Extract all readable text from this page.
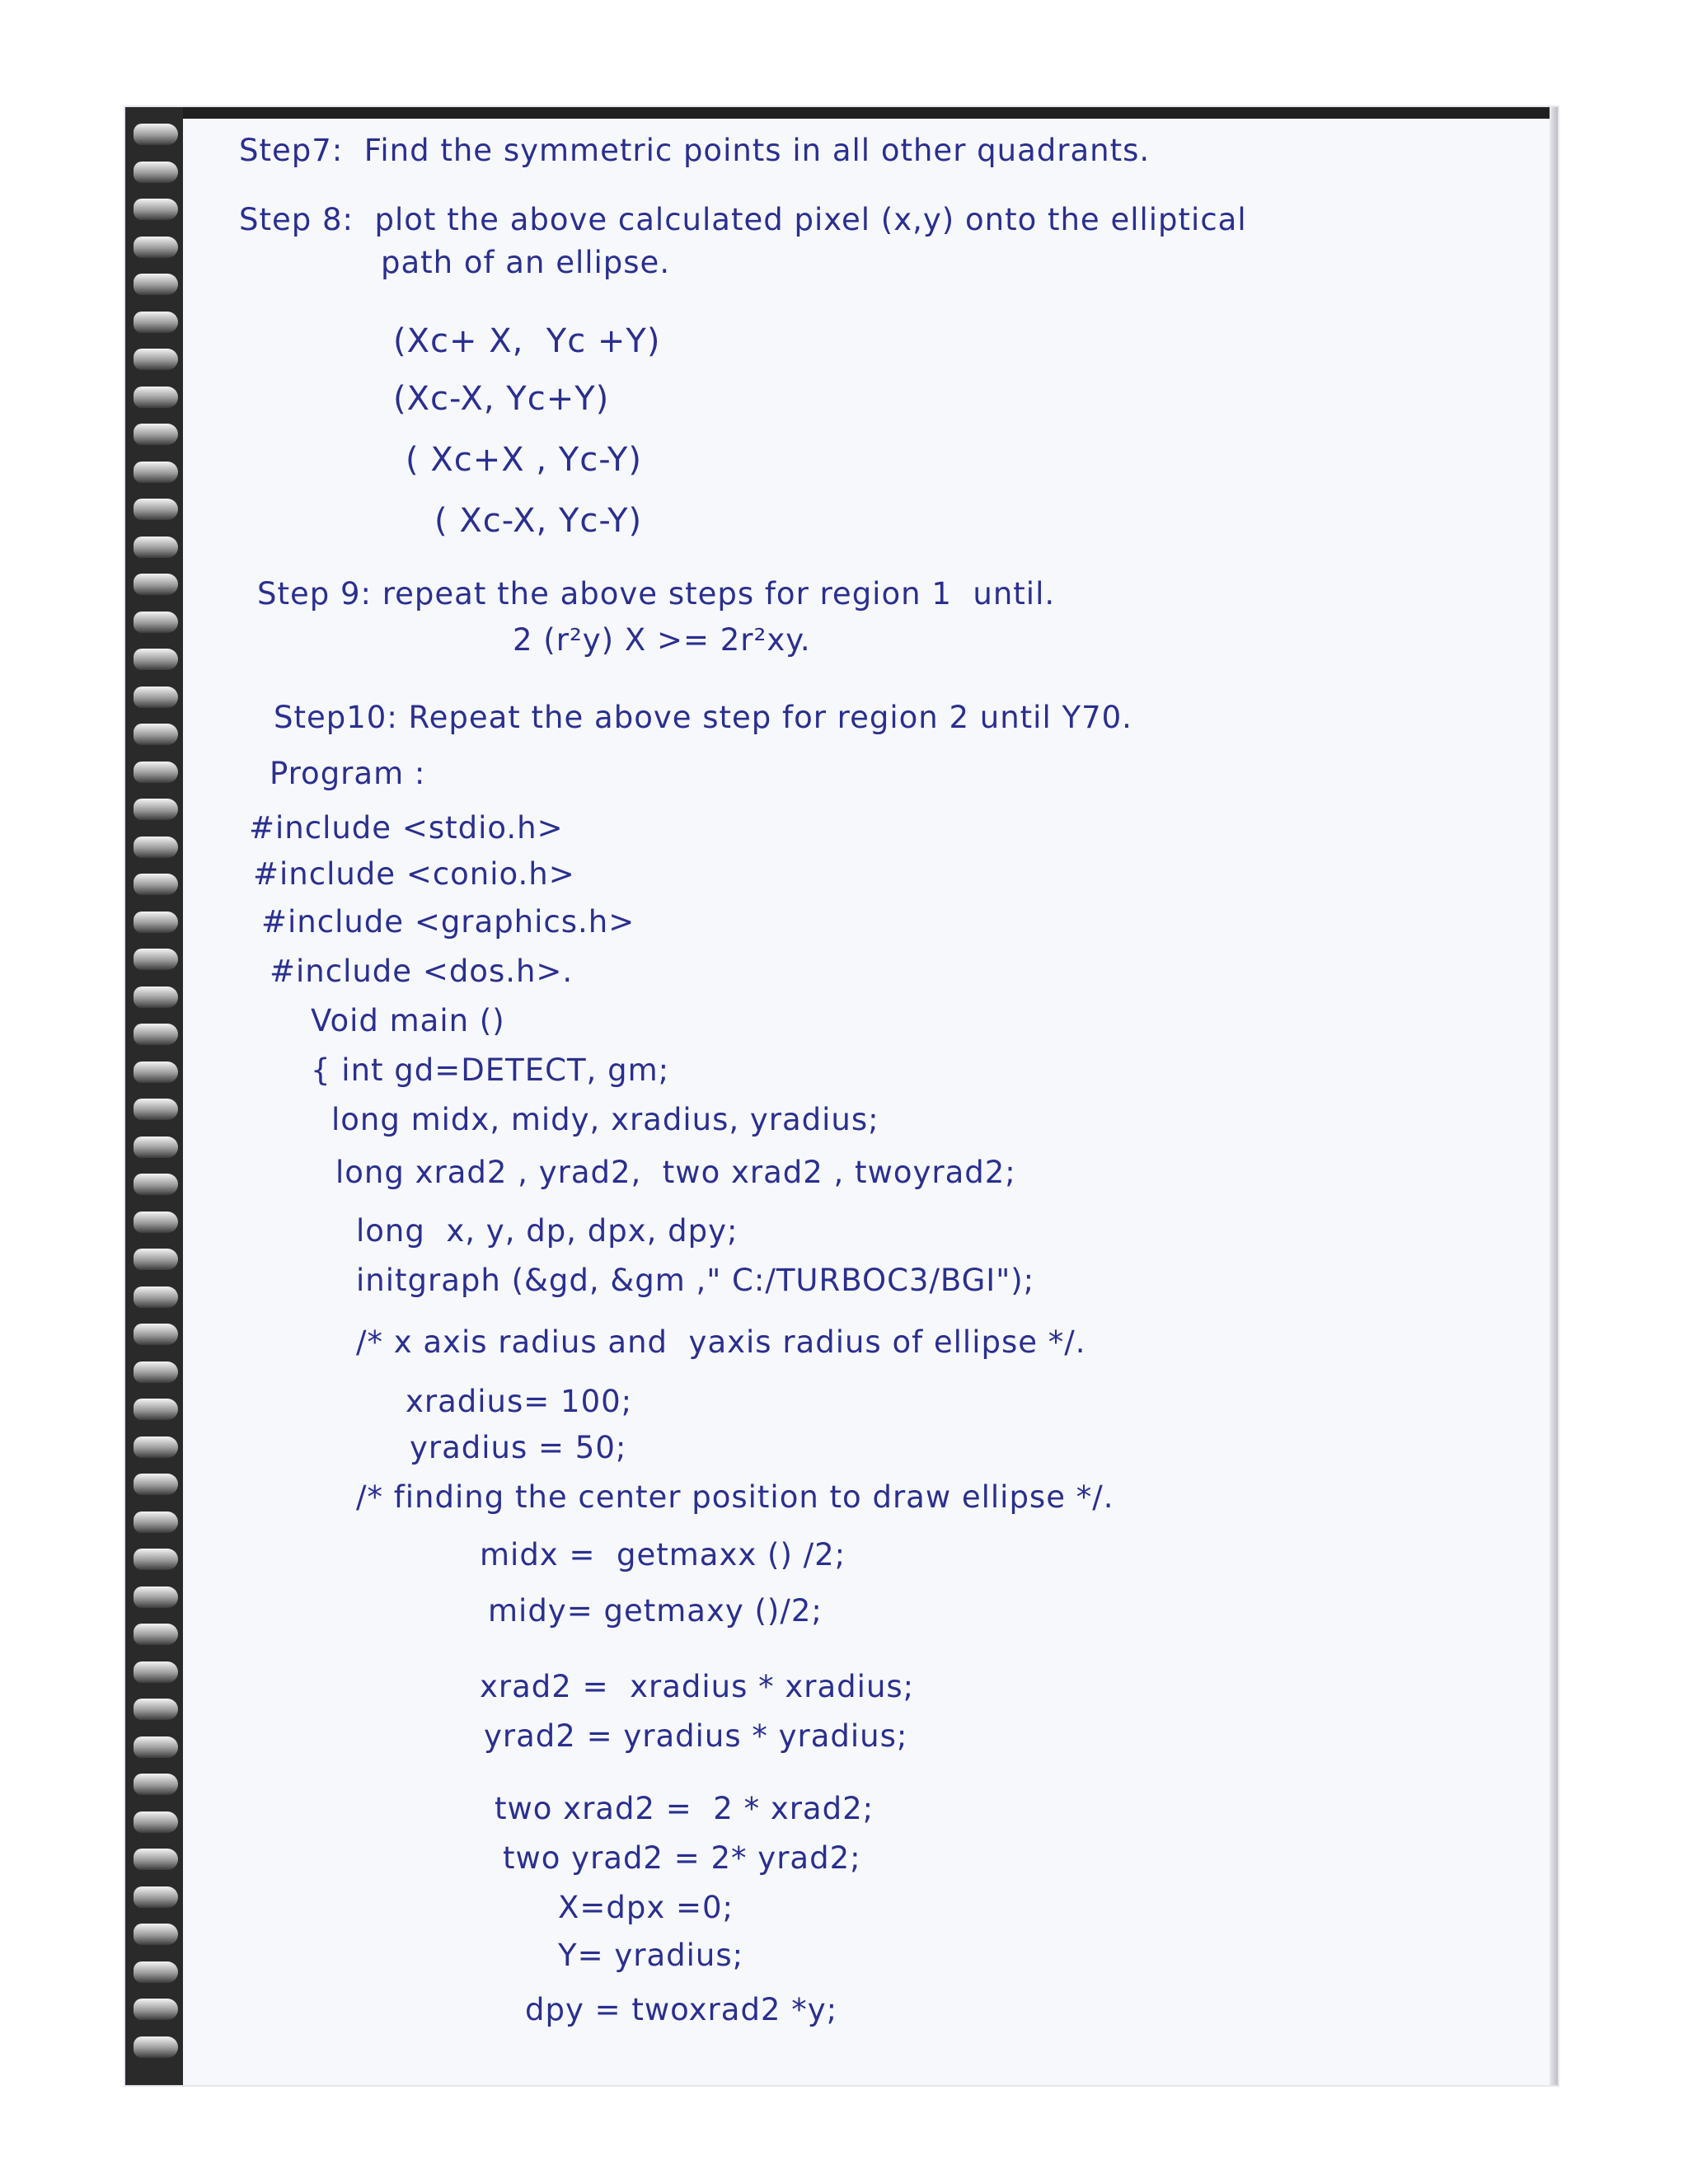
Step7:  Find the symmetric points in all other quadrants.
Step 8:  plot the above calculated pixel (x,y) onto the elliptical
path of an ellipse.
(Xc+ X,  Yc +Y)
(Xc-X, Yc+Y)
( Xc+X , Yc-Y)
( Xc-X, Yc-Y)
Step 9: repeat the above steps for region 1  until.
2 (r²y) X >= 2r²xy.
Step10: Repeat the above step for region 2 until Y70.
Program :
#include <stdio.h>
#include <conio.h>
#include <graphics.h>
#include <dos.h>.
Void main ()
{ int gd=DETECT, gm;
long midx, midy, xradius, yradius;
long xrad2 , yrad2,  two xrad2 , twoyrad2;
long  x, y, dp, dpx, dpy;
initgraph (&gd, &gm ," C:/TURBOC3/BGI");
/* x axis radius and  yaxis radius of ellipse */.
xradius= 100;
yradius = 50;
/* finding the center position to draw ellipse */.
midx =  getmaxx () /2;
midy= getmaxy ()/2;
xrad2 =  xradius * xradius;
yrad2 = yradius * yradius;
two xrad2 =  2 * xrad2;
two yrad2 = 2* yrad2;
X=dpx =0;
Y= yradius;
dpy = twoxrad2 *y;
